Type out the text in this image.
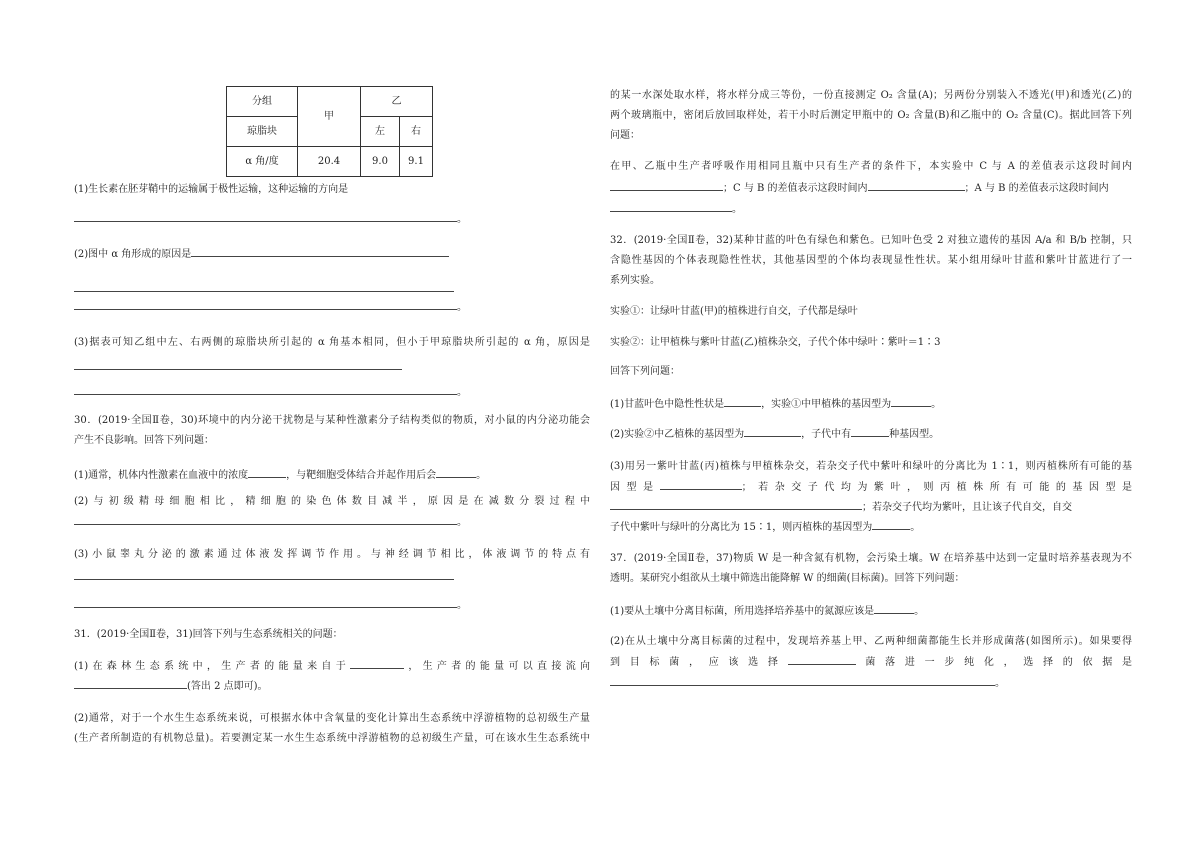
分组	甲	乙	
琼脂块		左	右
α 角/度	20.4	9.0	9.1

(1)生长素在胚芽鞘中的运输属于极性运输，这种运输的方向是

。

(2)图中 α 角形成的原因是

。

(3)据表可知乙组中左、右两侧的琼脂块所引起的 α 角基本相同，但小于甲琼脂块所引起的 α 角，原因是

。

30．(2019·全国Ⅱ卷，30)环境中的内分泌干扰物是与某种性激素分子结构类似的物质，对小鼠的内分泌功能会

产生不良影响。回答下列问题：

(1)通常，机体内性激素在血液中的浓度	，与靶细胞受体结合并起作用后会	。

(2)与初级精母细胞相比，精细胞的染色体数目减半，原因是在减数分裂过程中

。

(3)小鼠睾丸分泌的激素通过体液发挥调节作用。与神经调节相比，体液调节的特点有

。

31．(2019·全国Ⅱ卷，31)回答下列与生态系统相关的问题：

(1)在森林生态系统中，生产者的能量来自于	，生产者的能量可以直接流向

(答出 2 点即可)。

(2)通常，对于一个水生生态系统来说，可根据水体中含氧量的变化计算出生态系统中浮游植物的总初级生产量

(生产者所制造的有机物总量)。若要测定某一水生生态系统中浮游植物的总初级生产量，可在该水生生态系统中

的某一水深处取水样，将水样分成三等份，一份直接测定 O₂ 含量(A)；另两份分别装入不透光(甲)和透光(乙)的

两个玻璃瓶中，密闭后放回取样处，若干小时后测定甲瓶中的 O₂ 含量(B)和乙瓶中的 O₂ 含量(C)。据此回答下列

问题：

在甲、乙瓶中生产者呼吸作用相同且瓶中只有生产者的条件下，本实验中 C 与 A 的差值表示这段时间内

；C 与 B 的差值表示这段时间内	；A 与 B 的差值表示这段时间内

。

32．(2019·全国Ⅱ卷，32)某种甘蓝的叶色有绿色和紫色。已知叶色受 2 对独立遗传的基因 A/a 和 B/b 控制，只

含隐性基因的个体表现隐性性状，其他基因型的个体均表现显性性状。某小组用绿叶甘蓝和紫叶甘蓝进行了一

系列实验。

实验①：让绿叶甘蓝(甲)的植株进行自交，子代都是绿叶

实验②：让甲植株与紫叶甘蓝(乙)植株杂交，子代个体中绿叶∶紫叶＝1∶3

回答下列问题：

(1)甘蓝叶色中隐性性状是	，实验①中甲植株的基因型为	。

(2)实验②中乙植株的基因型为	，子代中有	种基因型。

(3)用另一紫叶甘蓝(丙)植株与甲植株杂交，若杂交子代中紫叶和绿叶的分离比为 1∶1，则丙植株所有可能的基

因型是	；若杂交子代均为紫叶，则丙植株所有可能的基因型是

；若杂交子代均为紫叶，且让该子代自交，自交

子代中紫叶与绿叶的分离比为 15∶1，则丙植株的基因型为	。

37．(2019·全国Ⅱ卷，37)物质 W 是一种含氮有机物，会污染土壤。W 在培养基中达到一定量时培养基表现为不

透明。某研究小组欲从土壤中筛选出能降解 W 的细菌(目标菌)。回答下列问题：

(1)要从土壤中分离目标菌，所用选择培养基中的氮源应该是	。

(2)在从土壤中分离目标菌的过程中，发现培养基上甲、乙两种细菌都能生长并形成菌落(如图所示)。如果要得

到目标菌，应该选择	菌落进一步纯化，选择的依据是

。
